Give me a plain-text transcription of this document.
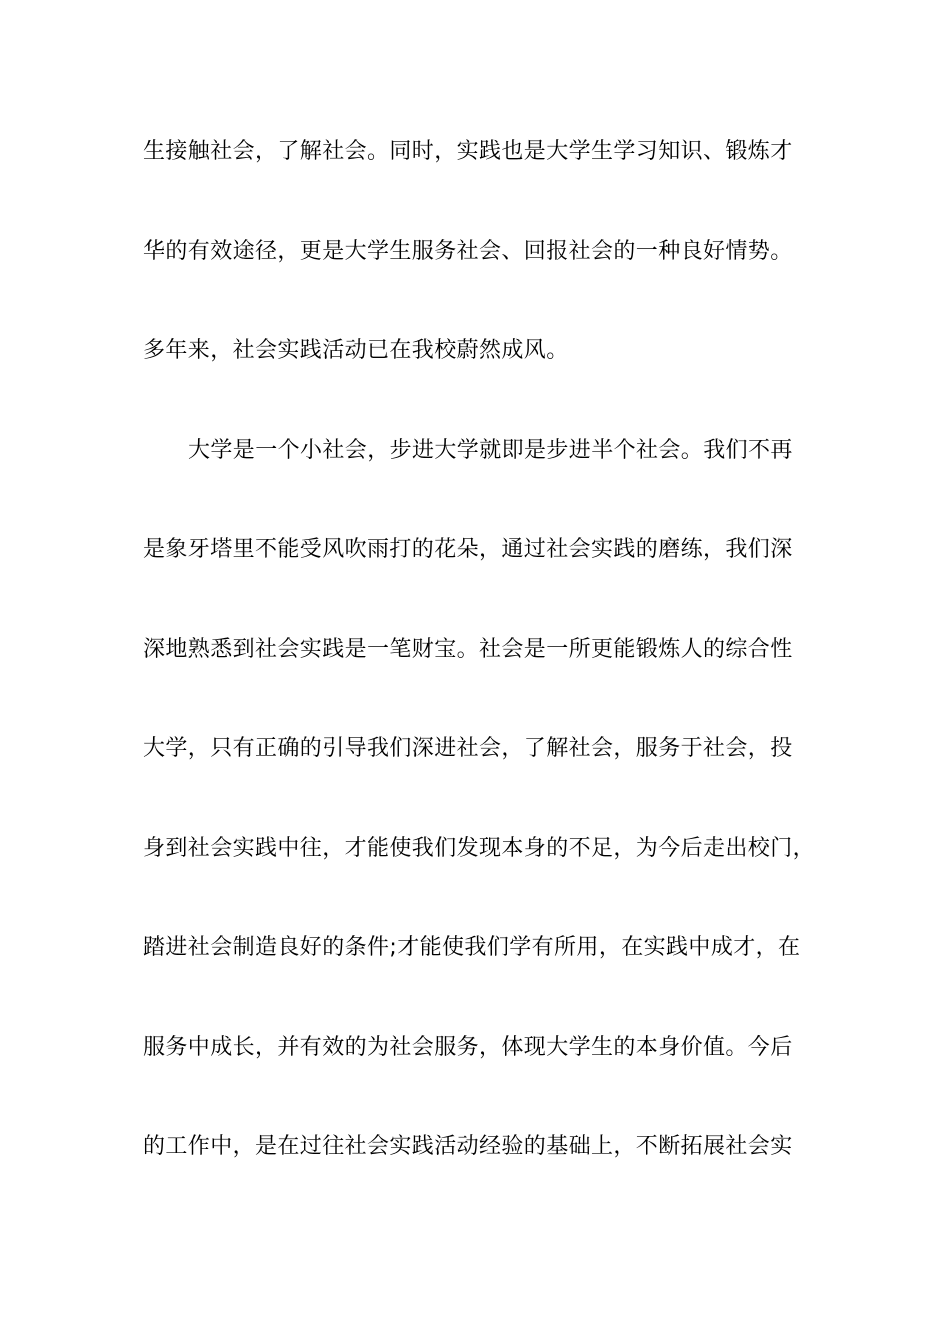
生接触社会，了解社会。同时，实践也是大学生学习知识、锻炼才
华的有效途径，更是大学生服务社会、回报社会的一种良好情势。
多年来，社会实践活动已在我校蔚然成风。
大学是一个小社会，步进大学就即是步进半个社会。我们不再
是象牙塔里不能受风吹雨打的花朵，通过社会实践的磨练，我们深
深地熟悉到社会实践是一笔财宝。社会是一所更能锻炼人的综合性
大学，只有正确的引导我们深进社会，了解社会，服务于社会，投
身到社会实践中往，才能使我们发现本身的不足，为今后走出校门，
踏进社会制造良好的条件;才能使我们学有所用，在实践中成才，在
服务中成长，并有效的为社会服务，体现大学生的本身价值。今后
的工作中，是在过往社会实践活动经验的基础上，不断拓展社会实
